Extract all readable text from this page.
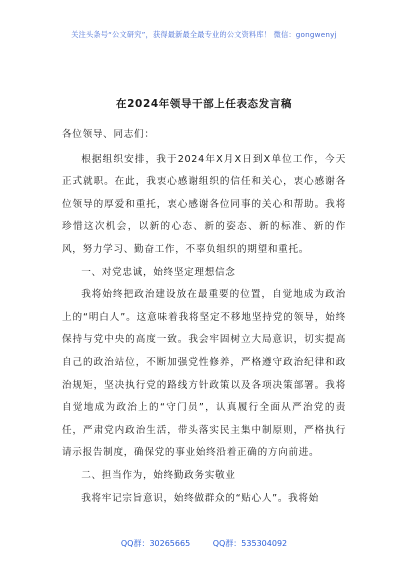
关注头条号“公文研究”，获得最新最全最专业的公文资料库！ 微信：gongwenyj
在2024年领导干部上任表态发言稿

各位领导、同志们：

根据组织安排，我于2024年X月X日到X单位工作，今天正式就职。在此，我衷心感谢组织的信任和关心，衷心感谢各位领导的厚爱和重托，衷心感谢各位同事的关心和帮助。我将珍惜这次机会，以新的心态、新的姿态、新的标准、新的作风，努力学习、勤奋工作，不辜负组织的期望和重托。

一、对党忠诚，始终坚定理想信念

我将始终把政治建设放在最重要的位置，自觉地成为政治上的“明白人”。这意味着我将坚定不移地坚持党的领导，始终保持与党中央的高度一致。我会牢固树立大局意识，切实提高自己的政治站位，不断加强党性修养，严格遵守政治纪律和政治规矩，坚决执行党的路线方针政策以及各项决策部署。我将自觉地成为政治上的“守门员”，认真履行全面从严治党的责任，严肃党内政治生活，带头落实民主集中制原则，严格执行请示报告制度，确保党的事业始终沿着正确的方向前进。

二、担当作为，始终勤政务实敬业

我将牢记宗旨意识，始终做群众的“贴心人”。我将始

QQ群：30265665	QQ群：535304092
